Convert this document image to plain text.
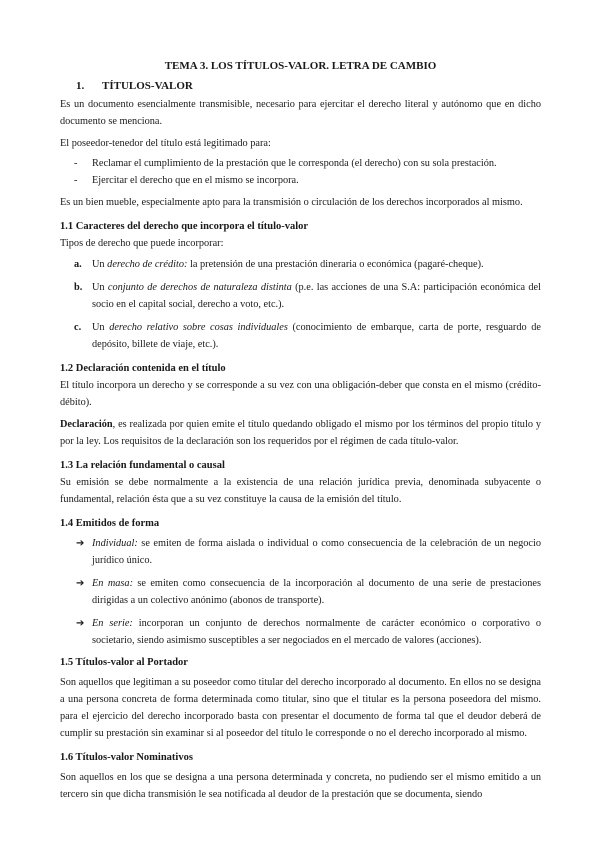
TEMA 3. LOS TÍTULOS-VALOR. LETRA DE CAMBIO
1. TÍTULOS-VALOR

Es un documento esencialmente transmisible, necesario para ejercitar el derecho literal y autónomo que en dicho documento se menciona.

El poseedor-tenedor del título está legitimado para:

-	Reclamar el cumplimiento de la prestación que le corresponda (el derecho) con su sola prestación.
-	Ejercitar el derecho que en el mismo se incorpora.

Es un bien mueble, especialmente apto para la transmisión o circulación de los derechos incorporados al mismo.

1.1 Caracteres del derecho que incorpora el título-valor

Tipos de derecho que puede incorporar:

a. Un derecho de crédito: la pretensión de una prestación dineraria o económica (pagaré-cheque).
b. Un conjunto de derechos de naturaleza distinta (p.e. las acciones de una S.A: participación económica del socio en el capital social, derecho a voto, etc.).
c.	Un derecho relativo sobre cosas individuales (conocimiento de embarque, carta de porte, resguardo de depósito, billete de viaje, etc.).
1.2 Declaración contenida en el título

El título incorpora un derecho y se corresponde a su vez con una obligación-deber que consta en el mismo (crédito-débito).

Declaración, es realizada por quien emite el título quedando obligado el mismo por los términos del propio título y por la ley. Los requisitos de la declaración son los requeridos por el régimen de cada título-valor.

1.3 La relación fundamental o causal

Su emisión se debe normalmente a la existencia de una relación jurídica previa, denominada subyacente o fundamental, relación ésta que a su vez constituye la causa de la emisión del título.

1.4 Emitidos de forma
➔ Individual: se emiten de forma aislada o individual o como consecuencia de la celebración de un negocio jurídico único.
➔ En masa: se emiten como consecuencia de la incorporación al documento de una serie de prestaciones dirigidas a un colectivo anónimo (abonos de transporte).
➔ En serie: incorporan un conjunto de derechos normalmente de carácter económico o corporativo o societario, siendo asimismo susceptibles a ser negociados en el mercado de valores (acciones).
1.5 Títulos-valor al Portador

Son aquellos que legitiman a su poseedor como titular del derecho incorporado al documento. En ellos no se designa a una persona concreta de forma determinada como titular, sino que el titular es la persona poseedora del mismo. para el ejercicio del derecho incorporado basta con presentar el documento de forma tal que el deudor deberá de cumplir su prestación sin examinar si al poseedor del título le corresponde o no el derecho incorporado al mismo.

1.6 Títulos-valor Nominativos

Son aquellos en los que se designa a una persona determinada y concreta, no pudiendo ser el mismo emitido a un tercero sin que dicha transmisión le sea notificada al deudor de la prestación que se documenta, siendo
